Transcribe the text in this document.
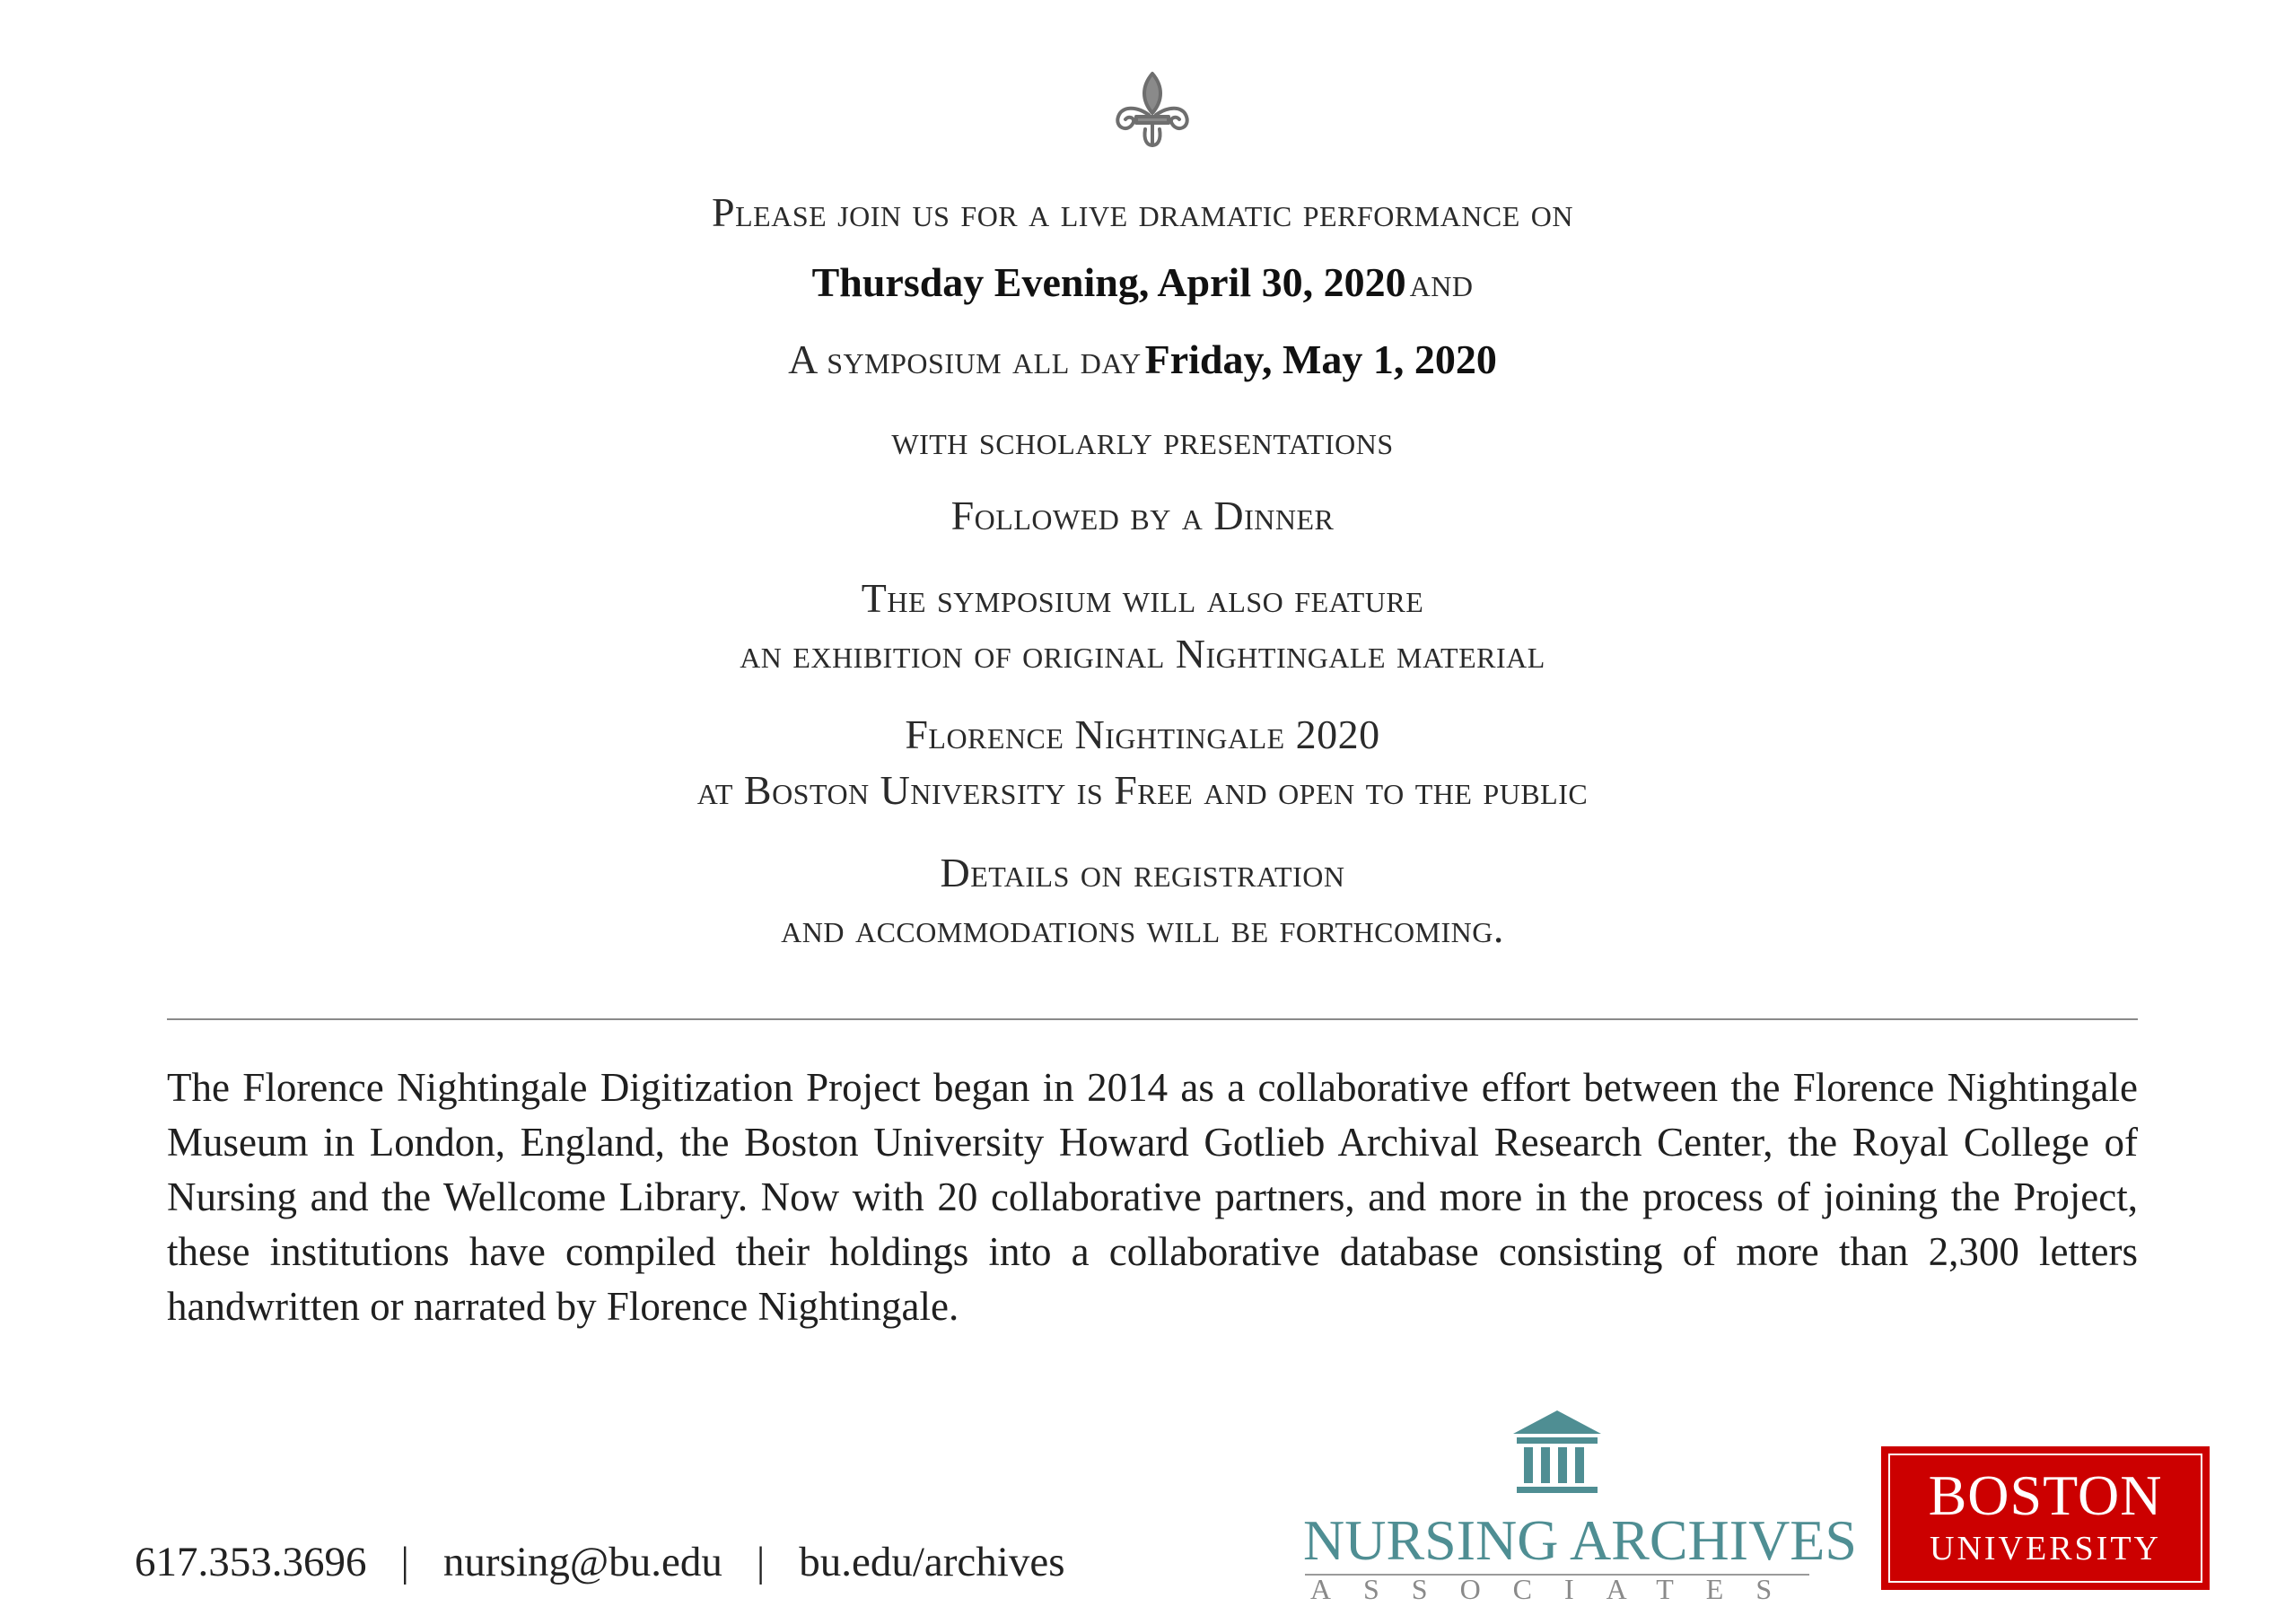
Please join us for a live dramatic performance on
Thursday Evening, April 30, 2020 and
A symposium all day Friday, May 1, 2020
with scholarly presentations
Followed by a Dinner
The symposium will also feature
an exhibition of original Nightingale material
Florence Nightingale 2020
at Boston University is Free and open to the public
Details on registration
and accommodations will be forthcoming.
The Florence Nightingale Digitization Project began in 2014 as a collaborative effort between the Florence Nightingale Museum in London, England, the Boston University Howard Gotlieb Archival Research Center, the Royal College of Nursing and the Wellcome Library. Now with 20 collaborative partners, and more in the process of joining the Project, these institutions have compiled their holdings into a collaborative database consisting of more than 2,300 letters handwritten or narrated by Florence Nightingale.
617.353.3696 | nursing@bu.edu | bu.edu/archives	NURSING ARCHIVES
ASSOCIATES
BOSTON
UNIVERSITY
